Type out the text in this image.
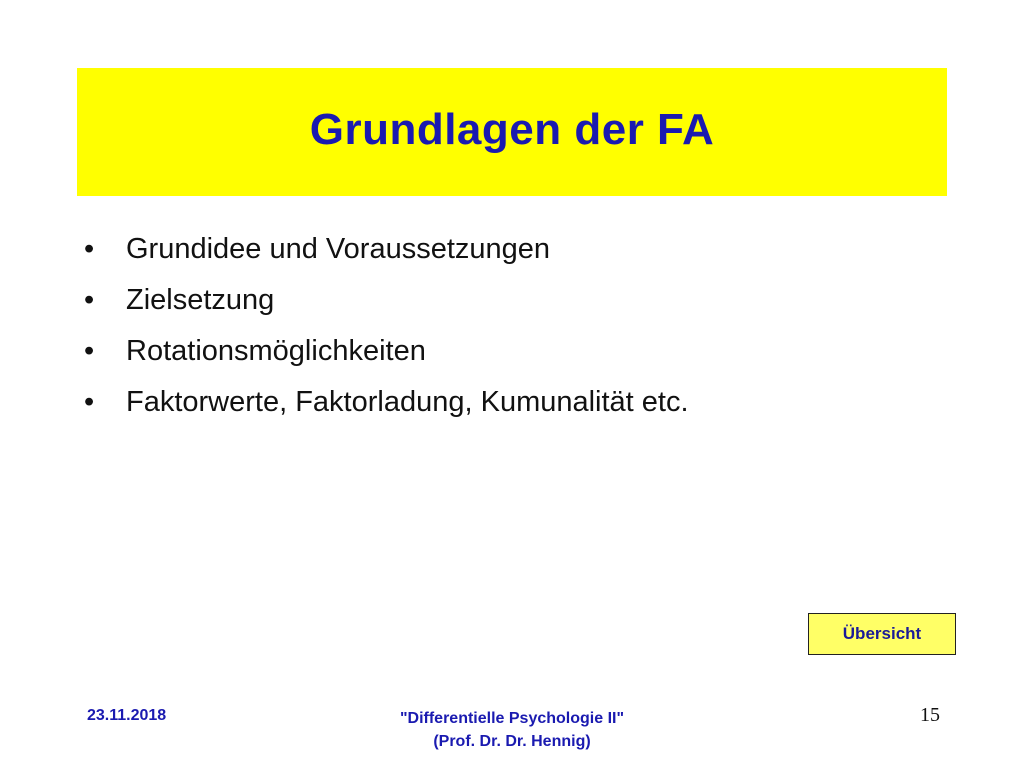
Grundlagen der FA
•	Grundidee und Voraussetzungen
•	Zielsetzung
•	Rotationsmöglichkeiten
•	Faktorwerte, Faktorladung, Kumunalität etc.
Übersicht
23.11.2018	"Differentielle Psychologie II"
(Prof. Dr. Dr. Hennig)
15
